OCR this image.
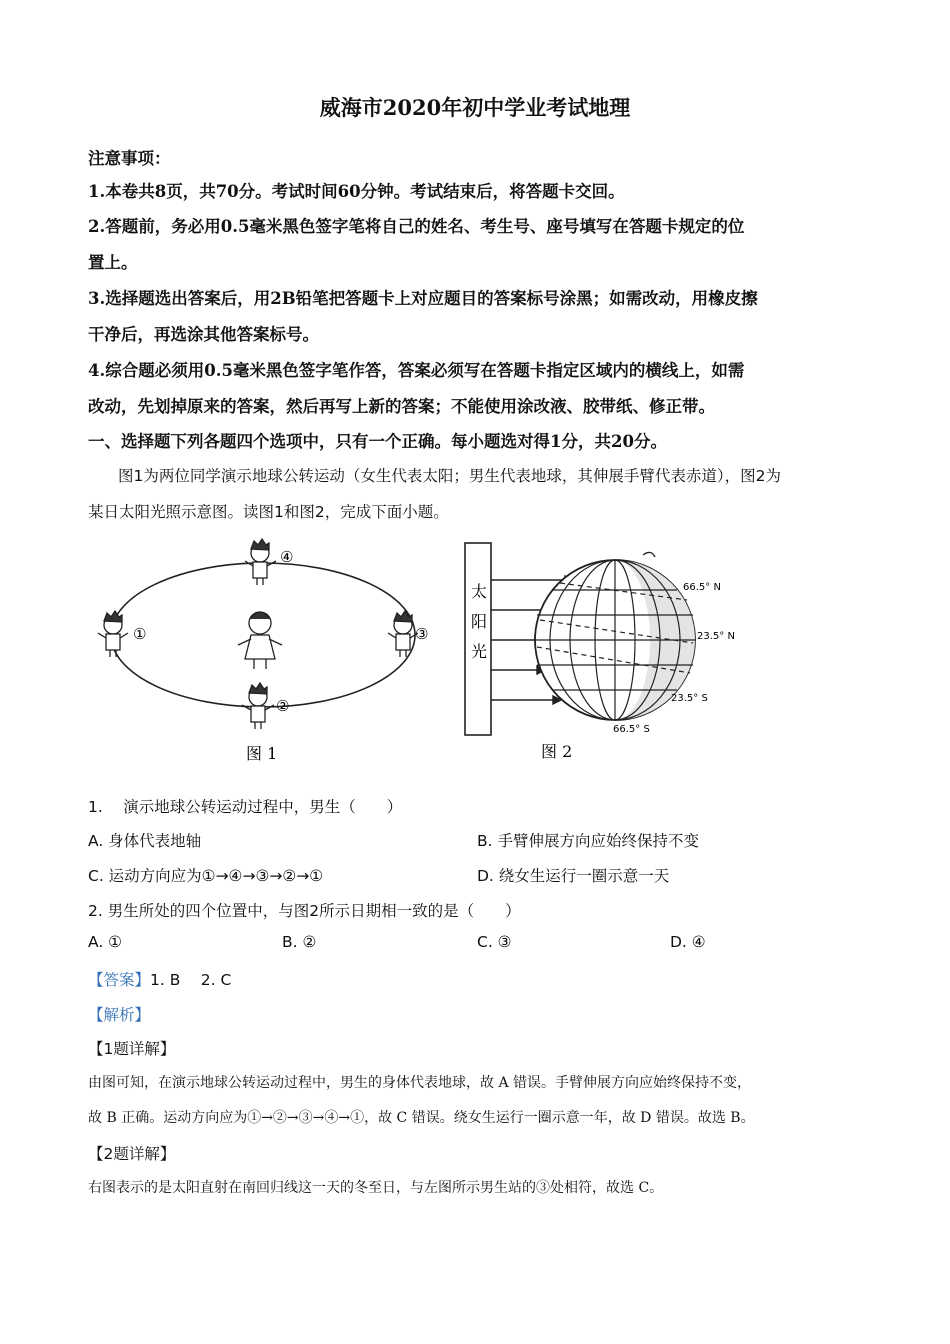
威海市2020年初中学业考试地理
注意事项：
1.本卷共8页，共70分。考试时间60分钟。考试结束后，将答题卡交回。
2.答题前，务必用0.5毫米黑色签字笔将自己的姓名、考生号、座号填写在答题卡规定的位
置上。
3.选择题选出答案后，用2B铅笔把答题卡上对应题目的答案标号涂黑；如需改动，用橡皮擦
干净后，再选涂其他答案标号。
4.综合题必须用0.5毫米黑色签字笔作答，答案必须写在答题卡指定区域内的横线上，如需
改动，先划掉原来的答案，然后再写上新的答案；不能使用涂改液、胶带纸、修正带。
一、选择题下列各题四个选项中，只有一个正确。每小题选对得1分，共20分。
图1为两位同学演示地球公转运动（女生代表太阳；男生代表地球，其伸展手臂代表赤道），图2为
某日太阳光照示意图。读图1和图2，完成下面小题。
④
①	③
②
图 1
太
阳
光
66.5° N
23.5° N
23.5° S
66.5° S
图 2
1.　 演示地球公转运动过程中，男生（　　）
A. 身体代表地轴	B. 手臂伸展方向应始终保持不变
C. 运动方向应为①→④→③→②→①	D. 绕女生运行一圈示意一天
2. 男生所处的四个位置中，与图2所示日期相一致的是（　　）
A. ①	B. ②	C. ③	D. ④
【答案】1. B　 2. C
【解析】
【1题详解】
由图可知，在演示地球公转运动过程中，男生的身体代表地球，故 A 错误。手臂伸展方向应始终保持不变，
故 B 正确。运动方向应为①→②→③→④→①，故 C 错误。绕女生运行一圈示意一年，故 D 错误。故选 B。
【2题详解】
右图表示的是太阳直射在南回归线这一天的冬至日，与左图所示男生站的③处相符，故选 C。
